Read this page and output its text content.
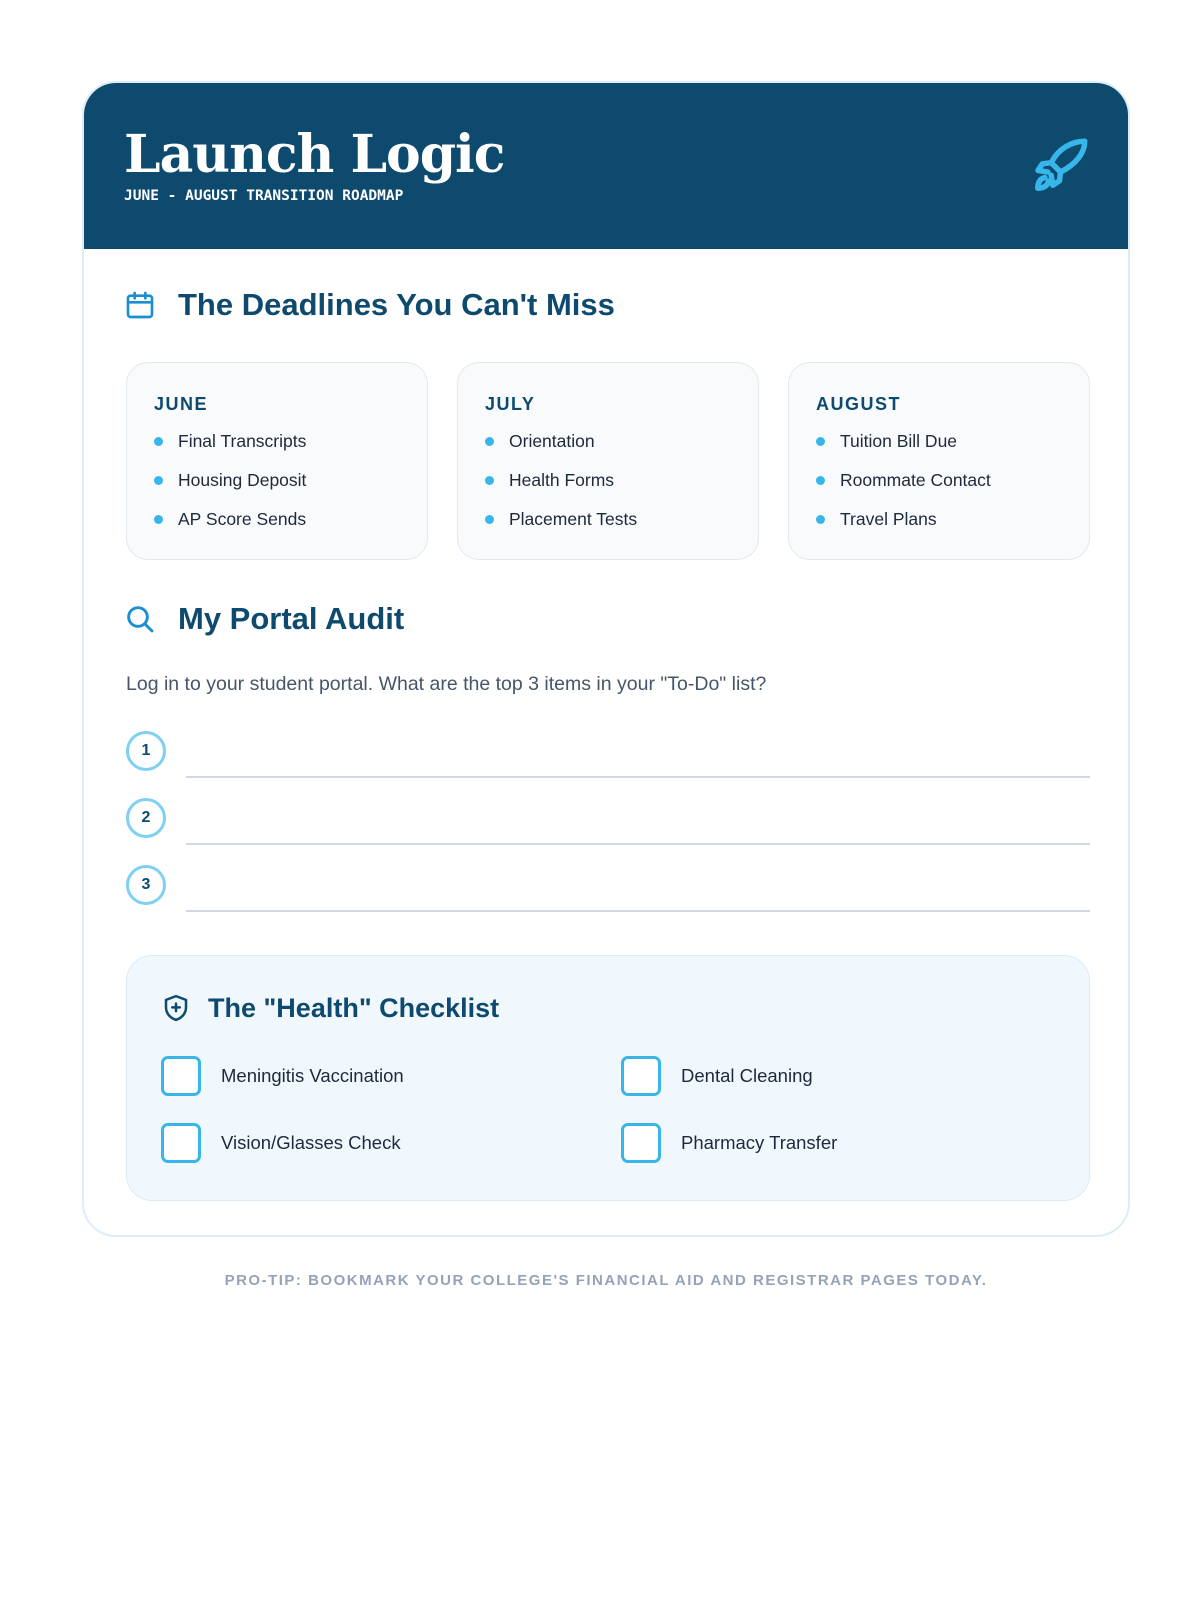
Launch Logic
JUNE - AUGUST TRANSITION ROADMAP
The Deadlines You Can't Miss
JUNE
Final Transcripts
Housing Deposit
AP Score Sends
JULY
Orientation
Health Forms
Placement Tests
AUGUST
Tuition Bill Due
Roommate Contact
Travel Plans
My Portal Audit
Log in to your student portal. What are the top 3 items in your "To-Do" list?
1
2
3
The "Health" Checklist
Meningitis Vaccination	Dental Cleaning
Vision/Glasses Check	Pharmacy Transfer
PRO-TIP: BOOKMARK YOUR COLLEGE'S FINANCIAL AID AND REGISTRAR PAGES TODAY.
